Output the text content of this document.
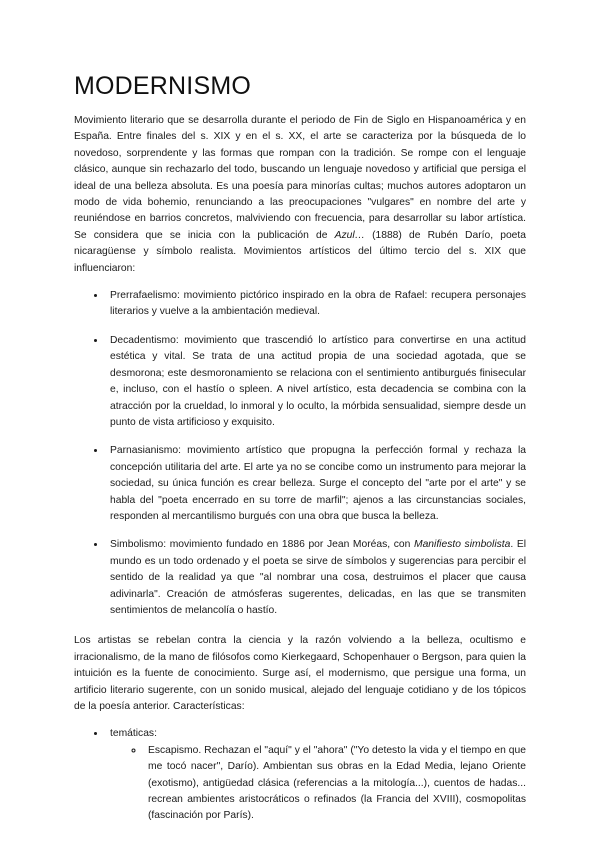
MODERNISMO

Movimiento literario que se desarrolla durante el periodo de Fin de Siglo en Hispanoamérica y en España. Entre finales del s. XIX y en el s. XX, el arte se caracteriza por la búsqueda de lo novedoso, sorprendente y las formas que rompan con la tradición. Se rompe con el lenguaje clásico, aunque sin rechazarlo del todo, buscando un lenguaje novedoso y artificial que persiga el ideal de una belleza absoluta. Es una poesía para minorías cultas; muchos autores adoptaron un modo de vida bohemio, renunciando a las preocupaciones "vulgares" en nombre del arte y reuniéndose en barrios concretos, malviviendo con frecuencia, para desarrollar su labor artística. Se considera que se inicia con la publicación de Azul… (1888) de Rubén Darío, poeta nicaragüense y símbolo realista. Movimientos artísticos del último tercio del s. XIX que influenciaron:

• Prerrafaelismo: movimiento pictórico inspirado en la obra de Rafael: recupera personajes literarios y vuelve a la ambientación medieval.
• Decadentismo: movimiento que trascendió lo artístico para convertirse en una actitud estética y vital. Se trata de una actitud propia de una sociedad agotada, que se desmorona; este desmoronamiento se relaciona con el sentimiento antiburgués finisecular e, incluso, con el hastío o spleen. A nivel artístico, esta decadencia se combina con la atracción por la crueldad, lo inmoral y lo oculto, la mórbida sensualidad, siempre desde un punto de vista artificioso y exquisito.
• Parnasianismo: movimiento artístico que propugna la perfección formal y rechaza la concepción utilitaria del arte. El arte ya no se concibe como un instrumento para mejorar la sociedad, su única función es crear belleza. Surge el concepto del "arte por el arte" y se habla del "poeta encerrado en su torre de marfil"; ajenos a las circunstancias sociales, responden al mercantilismo burgués con una obra que busca la belleza.
• Simbolismo: movimiento fundado en 1886 por Jean Moréas, con Manifiesto simbolista. El mundo es un todo ordenado y el poeta se sirve de símbolos y sugerencias para percibir el sentido de la realidad ya que "al nombrar una cosa, destruimos el placer que causa adivinarla". Creación de atmósferas sugerentes, delicadas, en las que se transmiten sentimientos de melancolía o hastío.

Los artistas se rebelan contra la ciencia y la razón volviendo a la belleza, ocultismo e irracionalismo, de la mano de filósofos como Kierkegaard, Schopenhauer o Bergson, para quien la intuición es la fuente de conocimiento. Surge así, el modernismo, que persigue una forma, un artificio literario sugerente, con un sonido musical, alejado del lenguaje cotidiano y de los tópicos de la poesía anterior. Características:

• temáticas:
◦ Escapismo. Rechazan el "aquí" y el "ahora" ("Yo detesto la vida y el tiempo en que me tocó nacer", Darío). Ambientan sus obras en la Edad Media, lejano Oriente (exotismo), antigüedad clásica (referencias a la mitología...), cuentos de hadas... recrean ambientes aristocráticos o refinados (la Francia del XVIII), cosmopolitas (fascinación por París).
